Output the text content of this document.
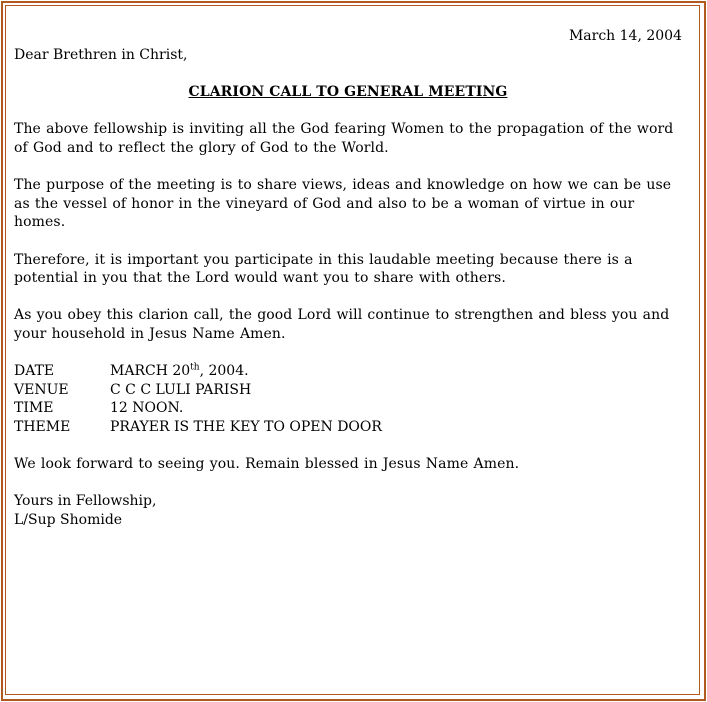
March 14, 2004

Dear Brethren in Christ,

CLARION CALL TO GENERAL MEETING

The above fellowship is inviting all the God fearing Women to the propagation of the word of God and to reflect the glory of God to the World.

The purpose of the meeting is to share views, ideas and knowledge on how we can be use as the vessel of honor in the vineyard of God and also to be a woman of virtue in our homes.

Therefore, it is important you participate in this laudable meeting because there is a potential in you that the Lord would want you to share with others.

As you obey this clarion call, the good Lord will continue to strengthen and bless you and your household in Jesus Name Amen.

DATE	MARCH 20th, 2004.
VENUE	C C C LULI PARISH
TIME	12 NOON.
THEME	PRAYER IS THE KEY TO OPEN DOOR

We look forward to seeing you. Remain blessed in Jesus Name Amen.

Yours in Fellowship,

L/Sup Shomide
